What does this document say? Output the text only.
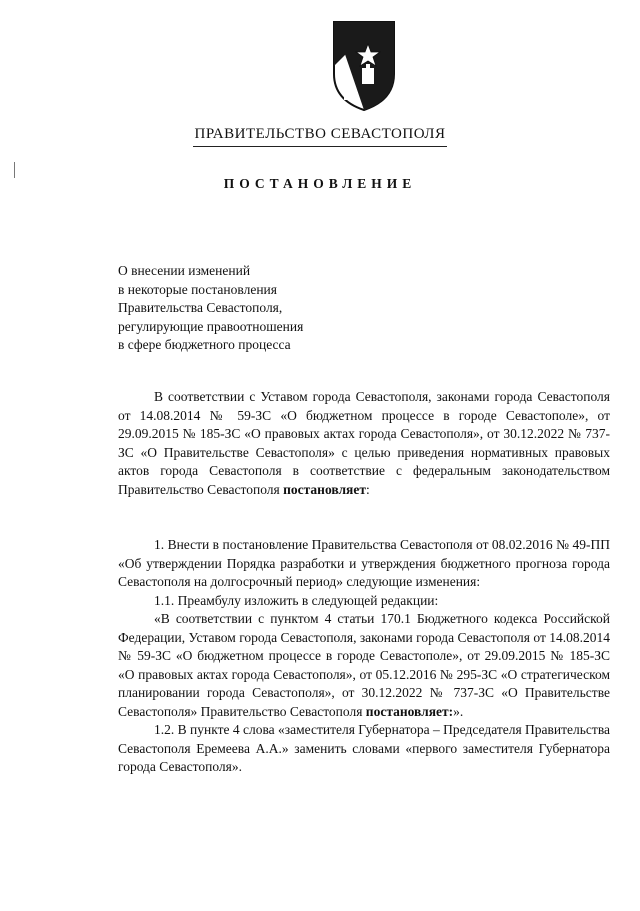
ПРАВИТЕЛЬСТВО СЕВАСТОПОЛЯ
ПОСТАНОВЛЕНИЕ
О внесении изменений
в некоторые постановления
Правительства Севастополя,
регулирующие правоотношения
в сфере бюджетного процесса
В соответствии с Уставом города Севастополя, законами города Севастополя от 14.08.2014 № 59-ЗС «О бюджетном процессе в городе Севастополе», от 29.09.2015 № 185-ЗС «О правовых актах города Севастополя», от 30.12.2022 № 737-ЗС «О Правительстве Севастополя» с целью приведения нормативных правовых актов города Севастополя в соответствие с федеральным законодательством Правительство Севастополя постановляет:
1. Внести в постановление Правительства Севастополя от 08.02.2016 № 49-ПП «Об утверждении Порядка разработки и утверждения бюджетного прогноза города Севастополя на долгосрочный период» следующие изменения:
1.1. Преамбулу изложить в следующей редакции:
«В соответствии с пунктом 4 статьи 170.1 Бюджетного кодекса Российской Федерации, Уставом города Севастополя, законами города Севастополя от 14.08.2014 № 59-ЗС «О бюджетном процессе в городе Севастополе», от 29.09.2015 № 185-ЗС «О правовых актах города Севастополя», от 05.12.2016 № 295-ЗС «О стратегическом планировании города Севастополя», от 30.12.2022 № 737-ЗС «О Правительстве Севастополя» Правительство Севастополя постановляет:».
1.2. В пункте 4 слова «заместителя Губернатора – Председателя Правительства Севастополя Еремеева А.А.» заменить словами «первого заместителя Губернатора города Севастополя».
